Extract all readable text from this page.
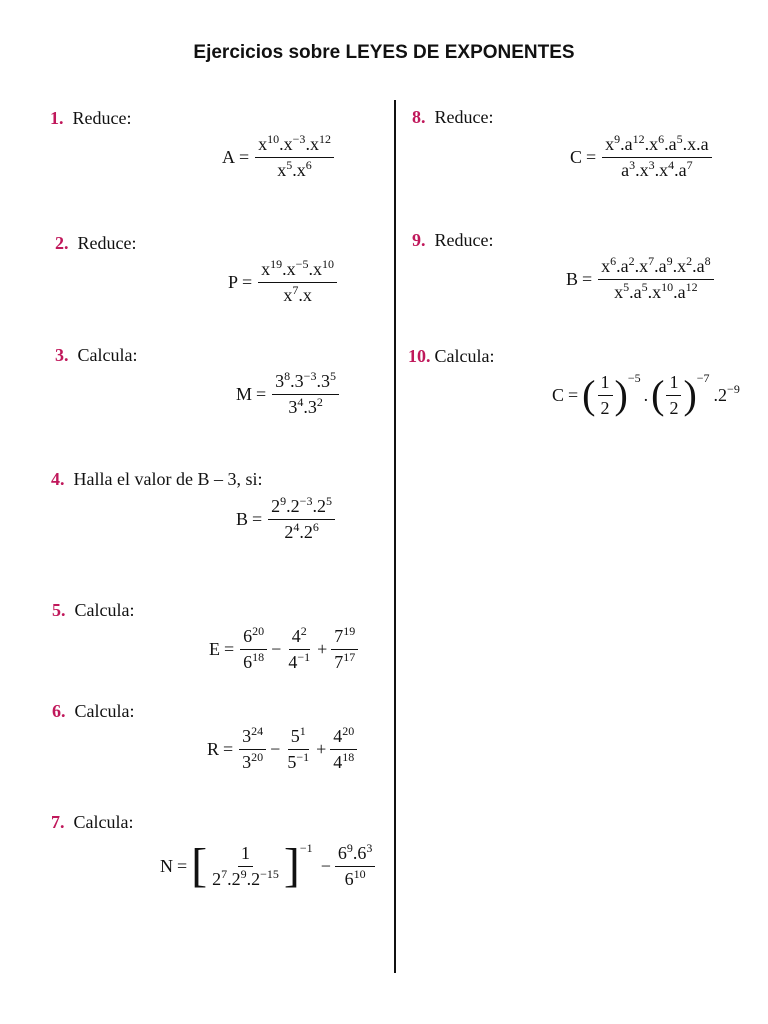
Ejercicios sobre LEYES DE EXPONENTES
1. Reduce:
$A = \frac{x^{10}.x^{-3}.x^{12}}{x^5.x^6}$
2. Reduce:
$P = \frac{x^{19}.x^{-5}.x^{10}}{x^7.x}$
3. Calcula:
$M = \frac{3^8.3^{-3}.3^5}{3^4.3^2}$
4. Halla el valor de B – 3, si:
$B = \frac{2^9.2^{-3}.2^5}{2^4.2^6}$
5. Calcula:
$E = \frac{6^{20}}{6^{18}} - \frac{4^2}{4^{-1}} + \frac{7^{19}}{7^{17}}$
6. Calcula:
$R = \frac{3^{24}}{3^{20}} - \frac{5^1}{5^{-1}} + \frac{4^{20}}{4^{18}}$
7. Calcula:
N = [ $\frac{1}{2^7.2^9.2^{-15}} ]^{-1}$
− $\frac{6^9.6^3}{6^{10}}$
8. Reduce:
$C = \frac{x^9.a^{12}.x^6.a^5.x.a}{a^3.x^3.x^4.a^7}$
9. Reduce:
$B = \frac{x^6.a^2.x^7.a^9.x^2.a^8}{x^5.a^5.x^{10}.a^{12}}$
10. Calcula:
C = ( $\frac{1}{2} )^{-5}$
. ( $\frac{1}{2} )^{-7}$
$.2^{-9}$
